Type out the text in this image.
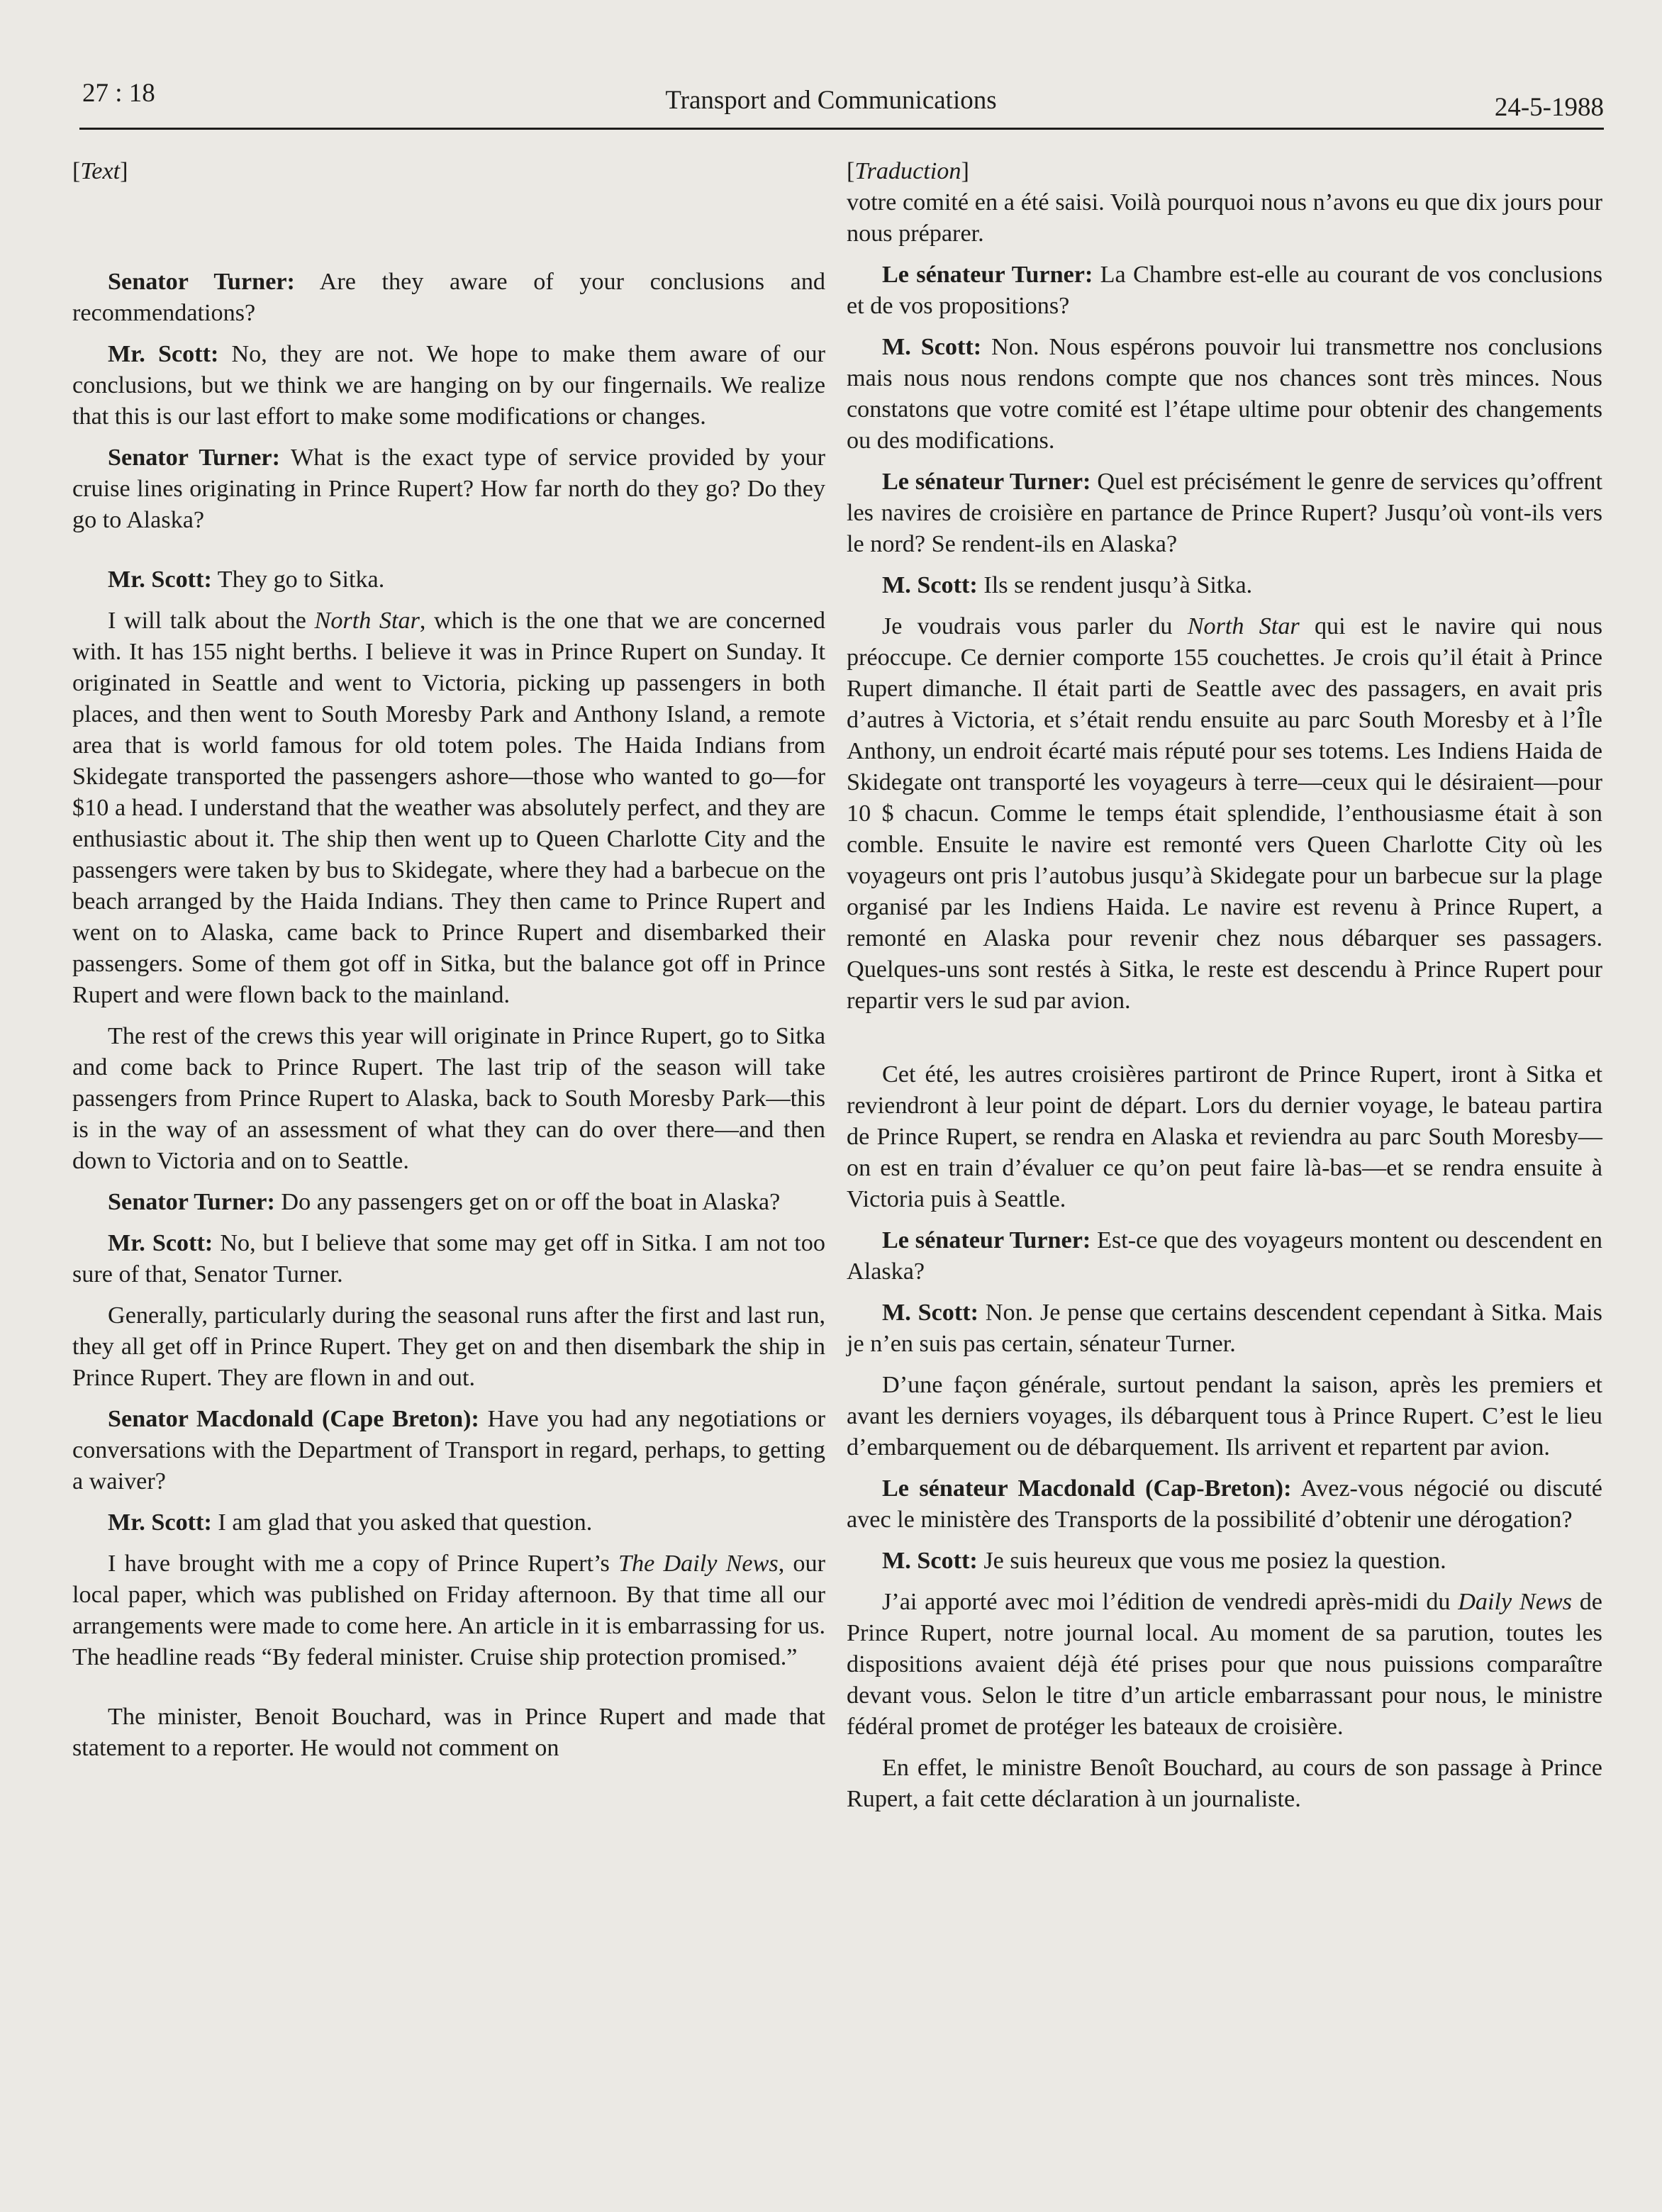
27 : 18	Transport and Communications	24-5-1988
[Text]

Senator Turner: Are they aware of your conclusions and recommendations?

Mr. Scott: No, they are not. We hope to make them aware of our conclusions, but we think we are hanging on by our fingernails. We realize that this is our last effort to make some modifications or changes.

Senator Turner: What is the exact type of service provided by your cruise lines originating in Prince Rupert? How far north do they go? Do they go to Alaska?

Mr. Scott: They go to Sitka.

I will talk about the North Star, which is the one that we are concerned with. It has 155 night berths. I believe it was in Prince Rupert on Sunday. It originated in Seattle and went to Victoria, picking up passengers in both places, and then went to South Moresby Park and Anthony Island, a remote area that is world famous for old totem poles. The Haida Indians from Skidegate transported the passengers ashore—those who wanted to go—for $10 a head. I understand that the weather was absolutely perfect, and they are enthusiastic about it. The ship then went up to Queen Charlotte City and the passengers were taken by bus to Skidegate, where they had a barbecue on the beach arranged by the Haida Indians. They then came to Prince Rupert and went on to Alaska, came back to Prince Rupert and disembarked their passengers. Some of them got off in Sitka, but the balance got off in Prince Rupert and were flown back to the mainland.

The rest of the crews this year will originate in Prince Rupert, go to Sitka and come back to Prince Rupert. The last trip of the season will take passengers from Prince Rupert to Alaska, back to South Moresby Park—this is in the way of an assessment of what they can do over there—and then down to Victoria and on to Seattle.

Senator Turner: Do any passengers get on or off the boat in Alaska?

Mr. Scott: No, but I believe that some may get off in Sitka. I am not too sure of that, Senator Turner.

Generally, particularly during the seasonal runs after the first and last run, they all get off in Prince Rupert. They get on and then disembark the ship in Prince Rupert. They are flown in and out.

Senator Macdonald (Cape Breton): Have you had any negotiations or conversations with the Department of Transport in regard, perhaps, to getting a waiver?

Mr. Scott: I am glad that you asked that question.

I have brought with me a copy of Prince Rupert’s The Daily News, our local paper, which was published on Friday afternoon. By that time all our arrangements were made to come here. An article in it is embarrassing for us. The headline reads “By federal minister. Cruise ship protection promised.”

The minister, Benoit Bouchard, was in Prince Rupert and made that statement to a reporter. He would not comment on

[Traduction]

votre comité en a été saisi. Voilà pourquoi nous n’avons eu que dix jours pour nous préparer.

Le sénateur Turner: La Chambre est-elle au courant de vos conclusions et de vos propositions?

M. Scott: Non. Nous espérons pouvoir lui transmettre nos conclusions mais nous nous rendons compte que nos chances sont très minces. Nous constatons que votre comité est l’étape ultime pour obtenir des changements ou des modifications.

Le sénateur Turner: Quel est précisément le genre de services qu’offrent les navires de croisière en partance de Prince Rupert? Jusqu’où vont-ils vers le nord? Se rendent-ils en Alaska?

M. Scott: Ils se rendent jusqu’à Sitka.

Je voudrais vous parler du North Star qui est le navire qui nous préoccupe. Ce dernier comporte 155 couchettes. Je crois qu’il était à Prince Rupert dimanche. Il était parti de Seattle avec des passagers, en avait pris d’autres à Victoria, et s’était rendu ensuite au parc South Moresby et à l’Île Anthony, un endroit écarté mais réputé pour ses totems. Les Indiens Haida de Skidegate ont transporté les voyageurs à terre—ceux qui le désiraient—pour 10 $ chacun. Comme le temps était splendide, l’enthousiasme était à son comble. Ensuite le navire est remonté vers Queen Charlotte City où les voyageurs ont pris l’autobus jusqu’à Skidegate pour un barbecue sur la plage organisé par les Indiens Haida. Le navire est revenu à Prince Rupert, a remonté en Alaska pour revenir chez nous débarquer ses passagers. Quelques-uns sont restés à Sitka, le reste est descendu à Prince Rupert pour repartir vers le sud par avion.

Cet été, les autres croisières partiront de Prince Rupert, iront à Sitka et reviendront à leur point de départ. Lors du dernier voyage, le bateau partira de Prince Rupert, se rendra en Alaska et reviendra au parc South Moresby—on est en train d’évaluer ce qu’on peut faire là-bas—et se rendra ensuite à Victoria puis à Seattle.

Le sénateur Turner: Est-ce que des voyageurs montent ou descendent en Alaska?

M. Scott: Non. Je pense que certains descendent cependant à Sitka. Mais je n’en suis pas certain, sénateur Turner.

D’une façon générale, surtout pendant la saison, après les premiers et avant les derniers voyages, ils débarquent tous à Prince Rupert. C’est le lieu d’embarquement ou de débarquement. Ils arrivent et repartent par avion.

Le sénateur Macdonald (Cap-Breton): Avez-vous négocié ou discuté avec le ministère des Transports de la possibilité d’obtenir une dérogation?

M. Scott: Je suis heureux que vous me posiez la question.

J’ai apporté avec moi l’édition de vendredi après-midi du Daily News de Prince Rupert, notre journal local. Au moment de sa parution, toutes les dispositions avaient déjà été prises pour que nous puissions comparaître devant vous. Selon le titre d’un article embarrassant pour nous, le ministre fédéral promet de protéger les bateaux de croisière.

En effet, le ministre Benoît Bouchard, au cours de son passage à Prince Rupert, a fait cette déclaration à un journaliste.
